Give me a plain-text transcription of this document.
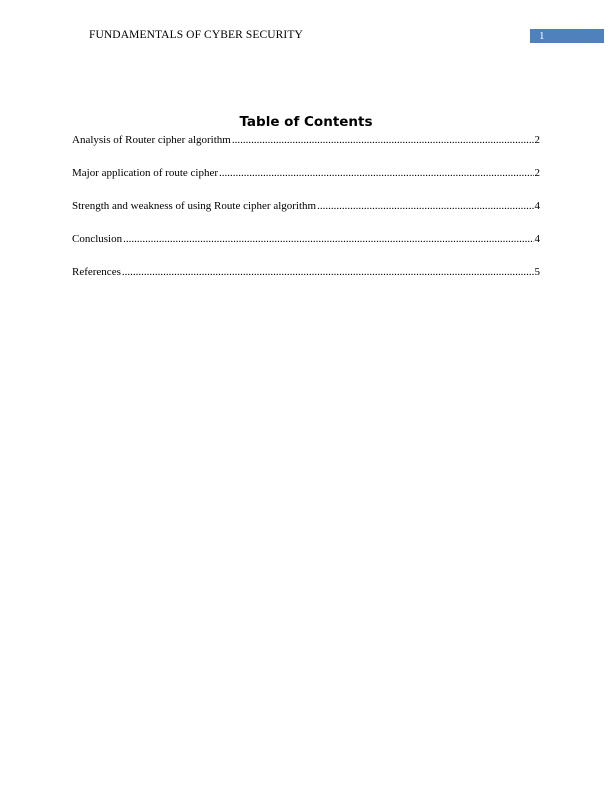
FUNDAMENTALS OF CYBER SECURITY	1
Table of Contents
Analysis of Router cipher algorithm .....	2
Major application of route cipher .....	2
Strength and weakness of using Route cipher algorithm .....	4
Conclusion .....	4
References .....	5
